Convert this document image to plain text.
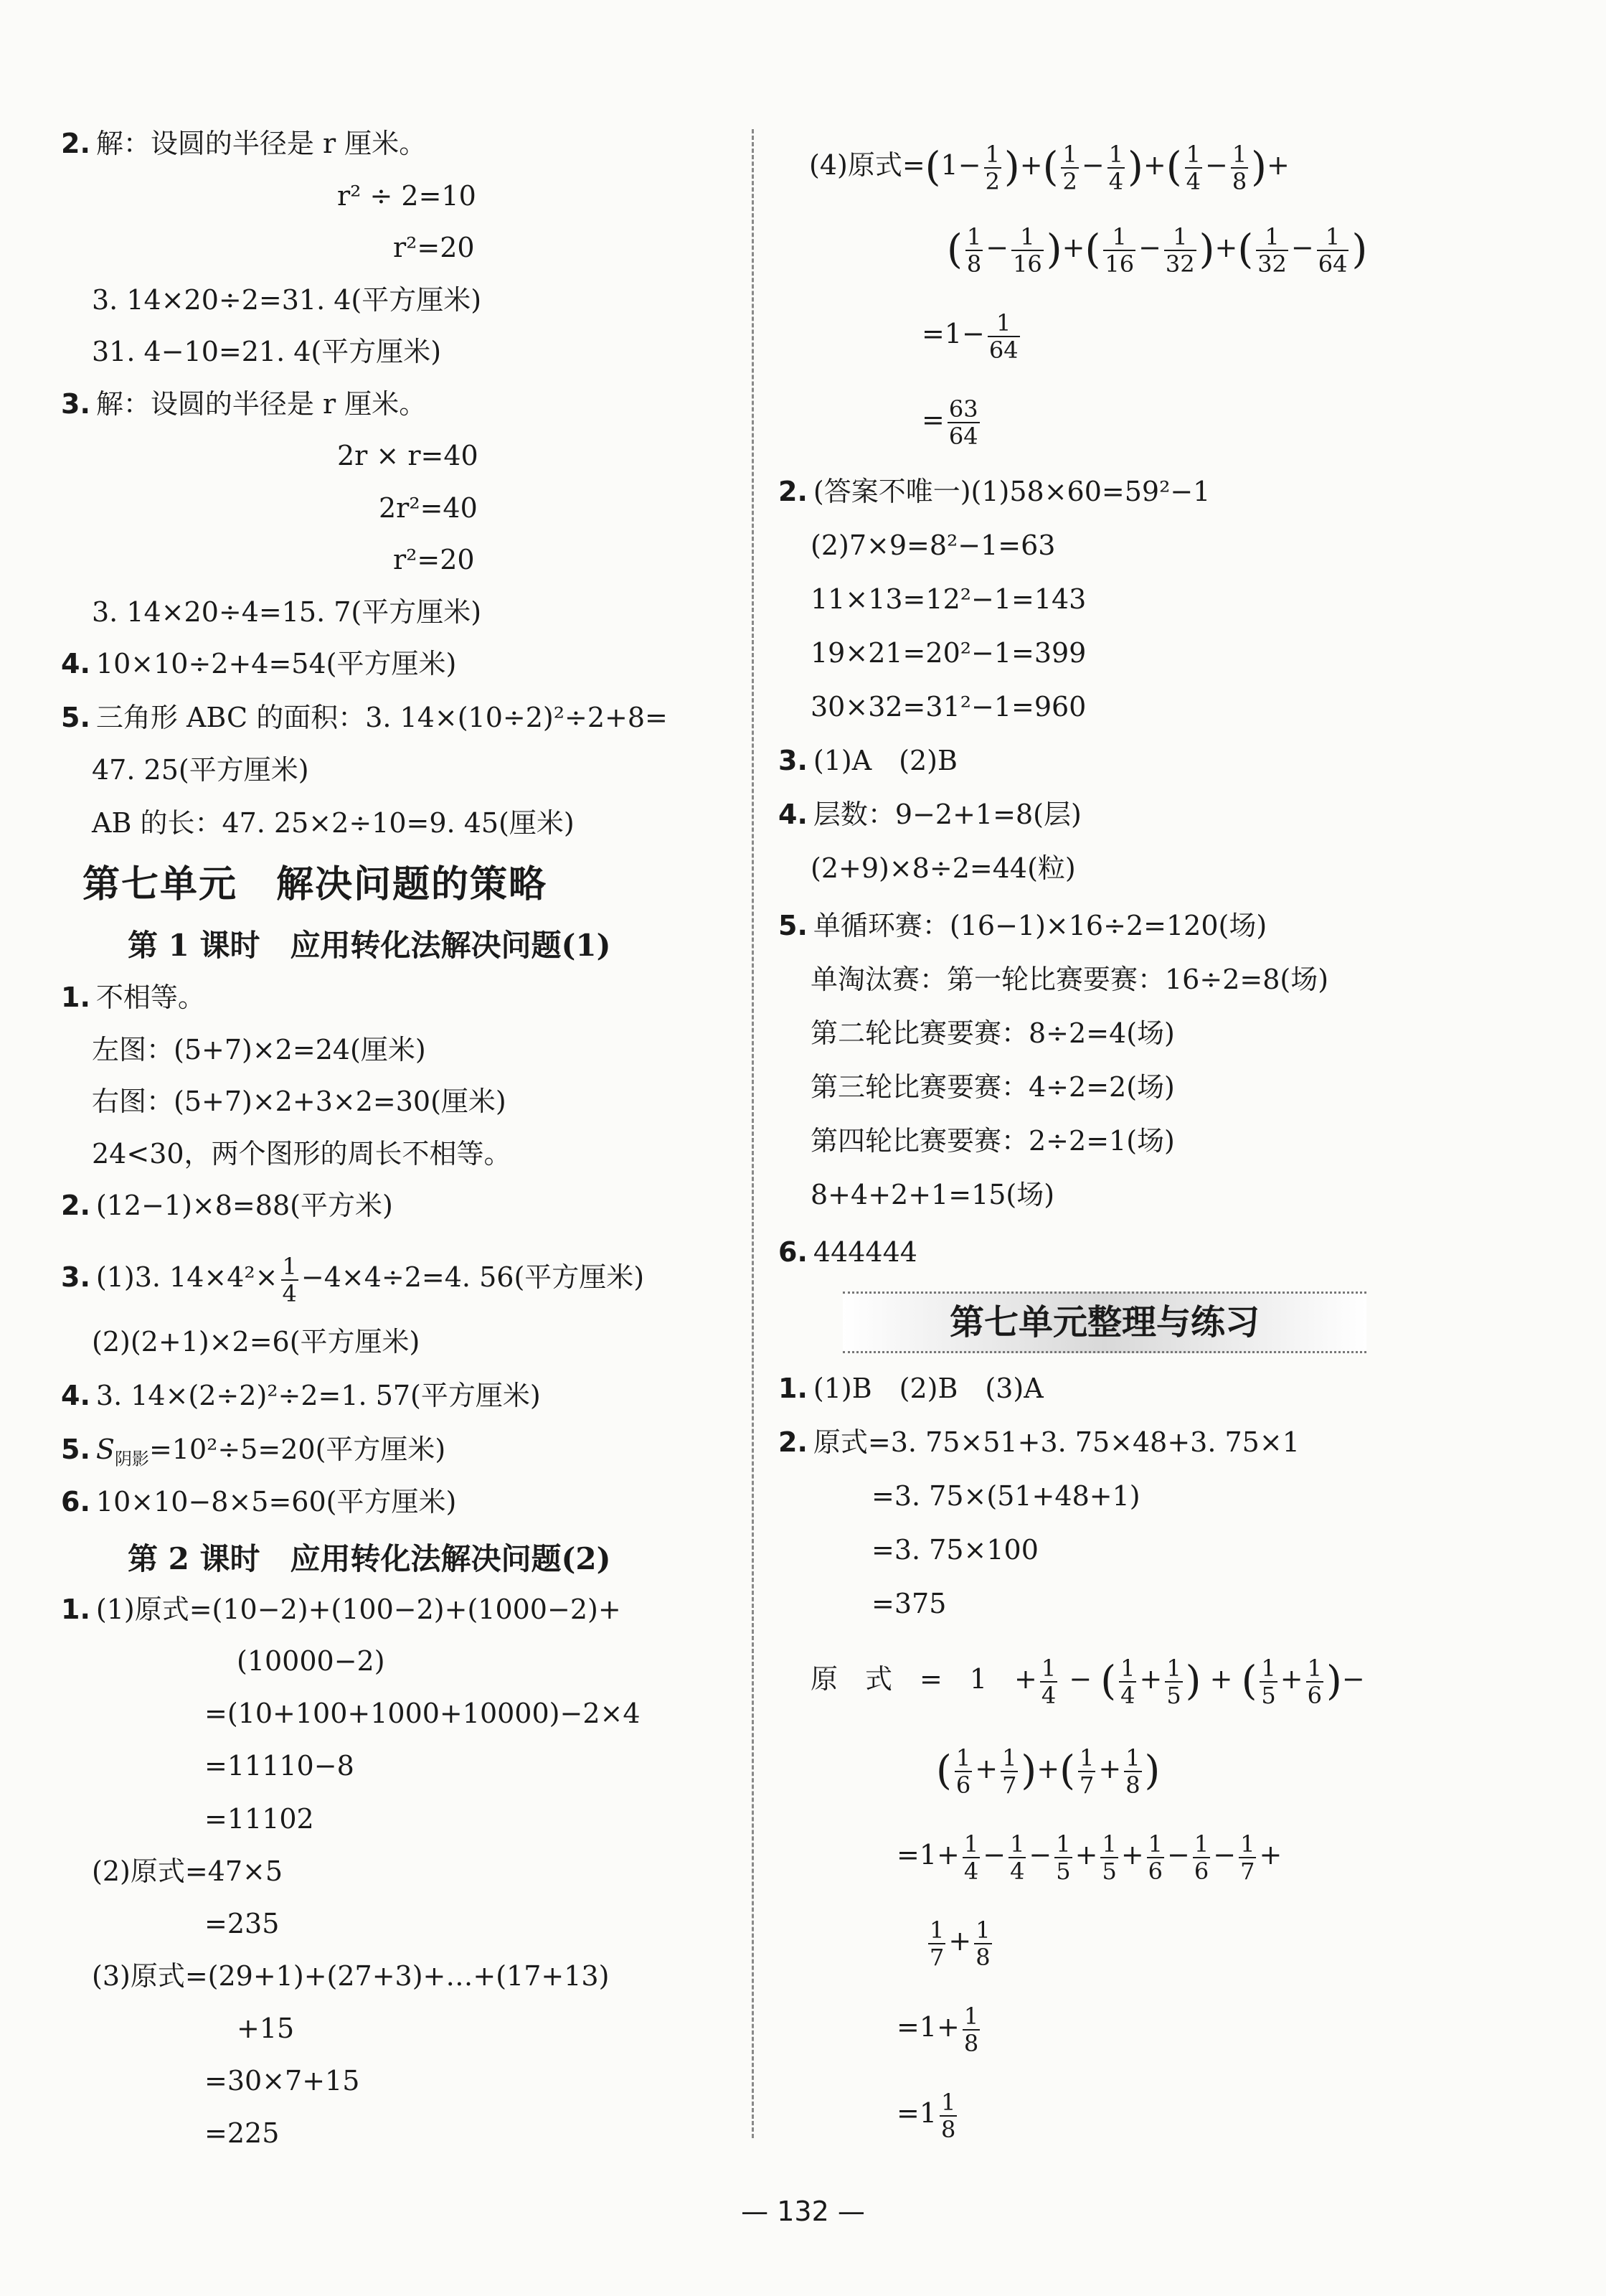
2. 解：设圆的半径是 r 厘米。
r² ÷ 2=10
r²=20
3. 14×20÷2=31. 4(平方厘米)
31. 4−10=21. 4(平方厘米)
3. 解：设圆的半径是 r 厘米。
2r × r=40
2r²=40
r²=20
3. 14×20÷4=15. 7(平方厘米)
4. 10×10÷2+4=54(平方厘米)
5. 三角形 ABC 的面积：3. 14×(10÷2)²÷2+8=
47. 25(平方厘米)
AB 的长：47. 25×2÷10=9. 45(厘米)
第七单元　解决问题的策略
第 1 课时　应用转化法解决问题(1)
1. 不相等。
左图：(5+7)×2=24(厘米)
右图：(5+7)×2+3×2=30(厘米)
24<30，两个图形的周长不相等。
2. (12−1)×8=88(平方米)
3. (1)3. $14\times 4^2\times \frac{1}{4} -4\times 4\div 2=4$. 56(平方厘米)
(2)(2+1)×2=6(平方厘米)
4. 3. 14×(2÷2)²÷2=1. 57(平方厘米)
5. $S_{阴影}=10^2\div 5=20$(平方厘米)
6. 10×10−8×5=60(平方厘米)
第 2 课时　应用转化法解决问题(2)
1. (1)原式=(10−2)+(100−2)+(1000−2)+
(10000−2)
=(10+100+1000+10000)−2×4
=11110−8
=11102
(2)原式=47×5
=235
(3)原式=(29+1)+(27+3)+…+(17+13)
+15
=30×7+15
=225
(4)原式$=(1- \frac{1}{2}$ )+( $\frac{1}{2} - \frac{1}{4}$ )+( $\frac{1}{4} - \frac{1}{8}$ )+
( $\frac{1}{8} - \frac{1}{16}$ )+( $\frac{1}{16} - \frac{1}{32}$ )+( $\frac{1}{32} - \frac{1}{64}$ )
$=1- \frac{1}{64}$
= $\frac{63}{64}$
2. (答案不唯一)(1)58×60=59²−1
(2)7×9=8²−1=63
11×13=12²−1=143
19×21=20²−1=399
30×32=31²−1=960
3. (1)A　(2)B
4. 层数：9−2+1=8(层)
(2+9)×8÷2=44(粒)
5. 单循环赛：(16−1)×16÷2=120(场)
单淘汰赛：第一轮比赛要赛：16÷2=8(场)
第二轮比赛要赛：8÷2=4(场)
第三轮比赛要赛：4÷2=2(场)
第四轮比赛要赛：2÷2=1(场)
8+4+2+1=15(场)
6. 444444
第七单元整理与练习
1. (1)B　(2)B　(3)A
2. 原式=3. 75×51+3. 75×48+3. 75×1
=3. 75×(51+48+1)
=3. 75×100
=375
原　式　=　1　+ $\frac{1}{4}$ − ( $\frac{1}{4} + \frac{1}{5}$ ) + ( $\frac{1}{5} + \frac{1}{6}$ )−
( $\frac{1}{6} + \frac{1}{7}$ )+( $\frac{1}{7} + \frac{1}{8}$ )
$=1+ \frac{1}{4} - \frac{1}{4} - \frac{1}{5} + \frac{1}{5} + \frac{1}{6} - \frac{1}{6} - \frac{1}{7}$ +
$\frac{1}{7} + \frac{1}{8}$
$=1+ \frac{1}{8}$
$=1 \frac{1}{8}$
— 132 —
